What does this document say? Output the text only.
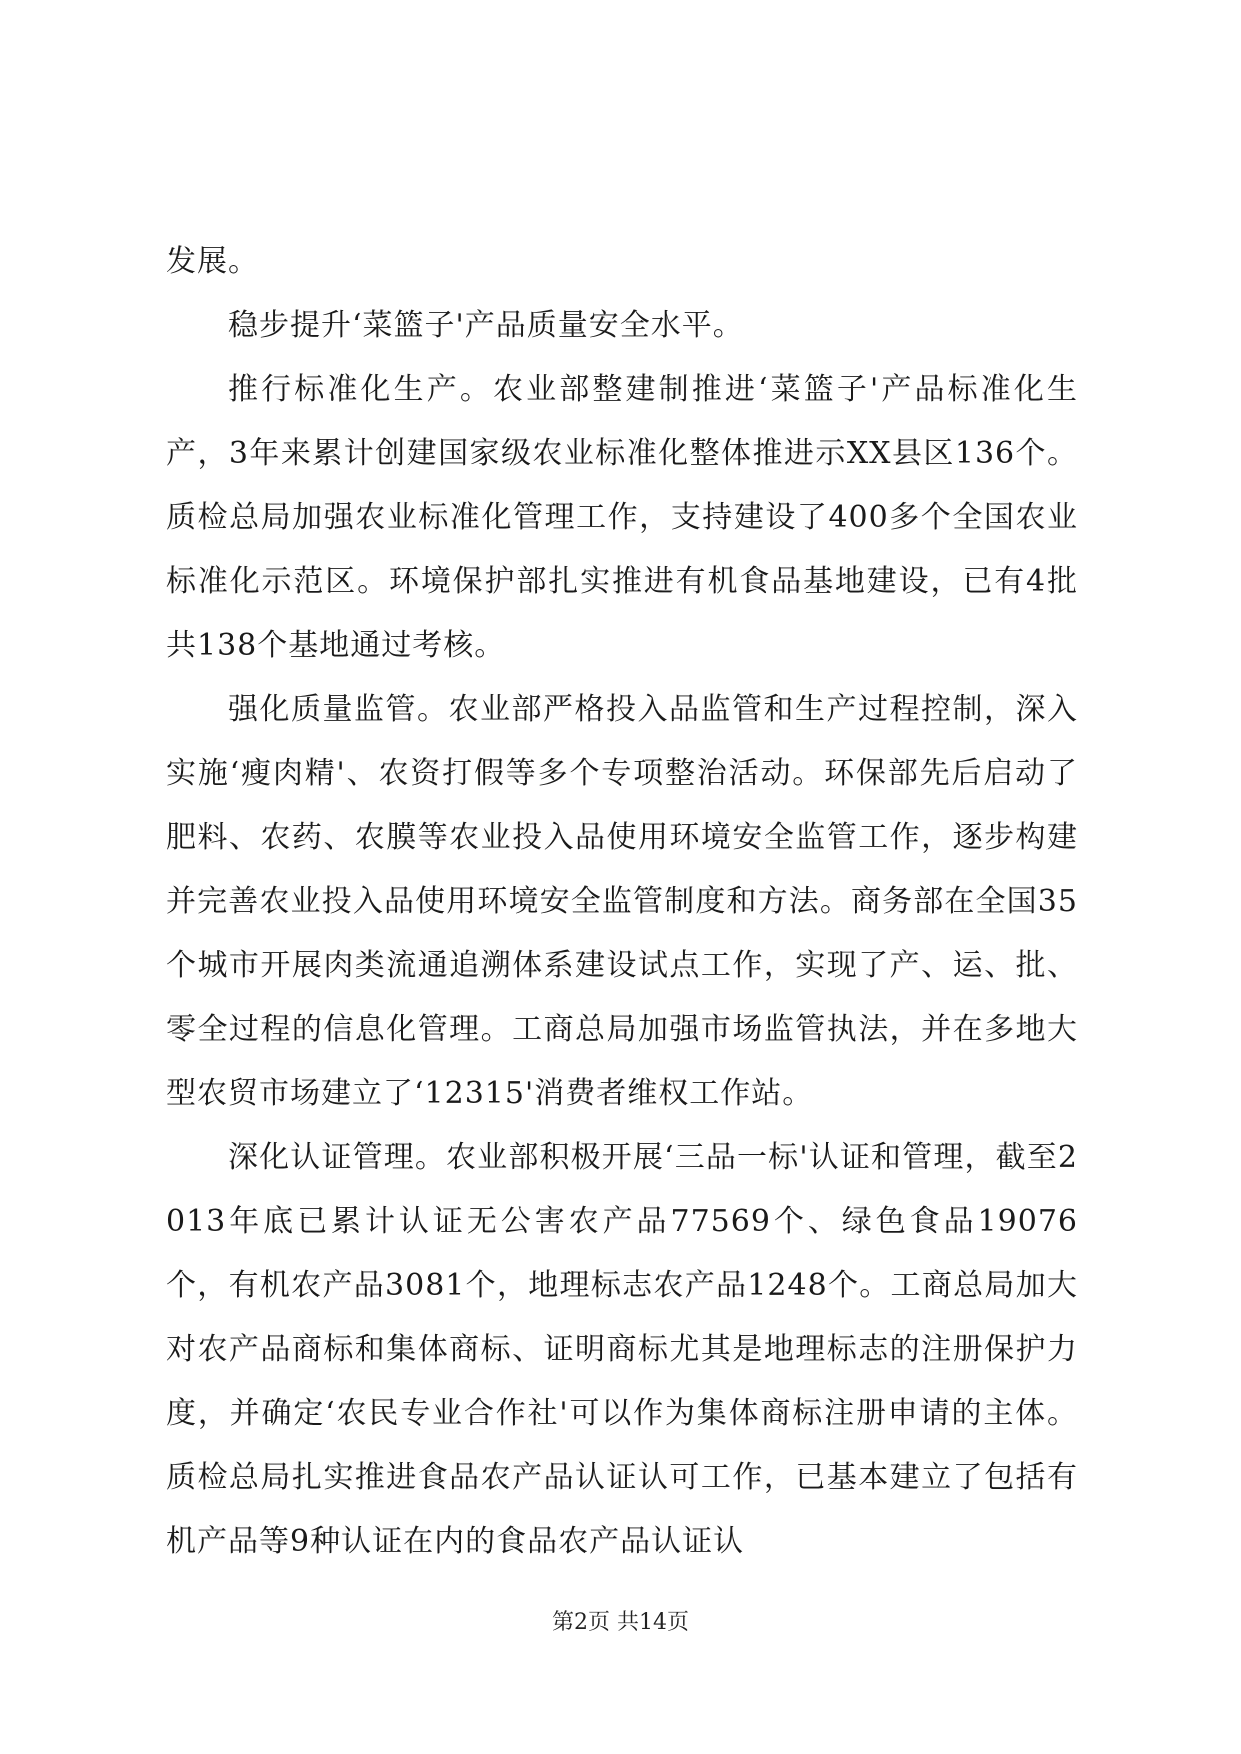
发展。

稳步提升‘菜篮子'产品质量安全水平。

推行标准化生产。农业部整建制推进‘菜篮子'产品标准化生产，3年来累计创建国家级农业标准化整体推进示XX县区136个。质检总局加强农业标准化管理工作，支持建设了400多个全国农业标准化示范区。环境保护部扎实推进有机食品基地建设，已有4批共138个基地通过考核。

强化质量监管。农业部严格投入品监管和生产过程控制，深入实施‘瘦肉精'、农资打假等多个专项整治活动。环保部先后启动了肥料、农药、农膜等农业投入品使用环境安全监管工作，逐步构建并完善农业投入品使用环境安全监管制度和方法。商务部在全国35个城市开展肉类流通追溯体系建设试点工作，实现了产、运、批、零全过程的信息化管理。工商总局加强市场监管执法，并在多地大型农贸市场建立了‘12315'消费者维权工作站。

深化认证管理。农业部积极开展‘三品一标'认证和管理，截至2013年底已累计认证无公害农产品77569个、绿色食品19076个，有机农产品3081个，地理标志农产品1248个。工商总局加大对农产品商标和集体商标、证明商标尤其是地理标志的注册保护力度，并确定‘农民专业合作社'可以作为集体商标注册申请的主体。质检总局扎实推进食品农产品认证认可工作，已基本建立了包括有机产品等9种认证在内的食品农产品认证认

第2页 共14页
